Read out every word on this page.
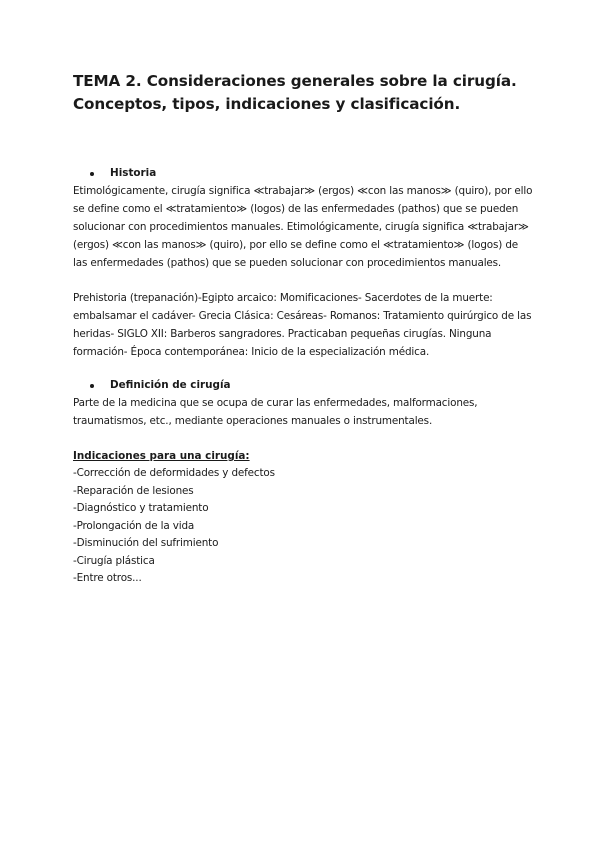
TEMA 2. Consideraciones generales sobre la cirugía. Conceptos, tipos, indicaciones y clasificación.
Historia

Etimológicamente, cirugía significa ≪trabajar≫ (ergos) ≪con las manos≫ (quiro), por ello se define como el ≪tratamiento≫ (logos) de las enfermedades (pathos) que se pueden solucionar con procedimientos manuales. Etimológicamente, cirugía significa ≪trabajar≫ (ergos) ≪con las manos≫ (quiro), por ello se define como el ≪tratamiento≫ (logos) de las enfermedades (pathos) que se pueden solucionar con procedimientos manuales.

Prehistoria (trepanación)-Egipto arcaico: Momificaciones- Sacerdotes de la muerte: embalsamar el cadáver- Grecia Clásica: Cesáreas- Romanos: Tratamiento quirúrgico de las heridas- SIGLO XII: Barberos sangradores. Practicaban pequeñas cirugías. Ninguna formación- Época contemporánea: Inicio de la especialización médica.

Definición de cirugía

Parte de la medicina que se ocupa de curar las enfermedades, malformaciones, traumatismos, etc., mediante operaciones manuales o instrumentales.

Indicaciones para una cirugía:

-Corrección de deformidades y defectos
-Reparación de lesiones
-Diagnóstico y tratamiento
-Prolongación de la vida
-Disminución del sufrimiento
-Cirugía plástica
-Entre otros...
